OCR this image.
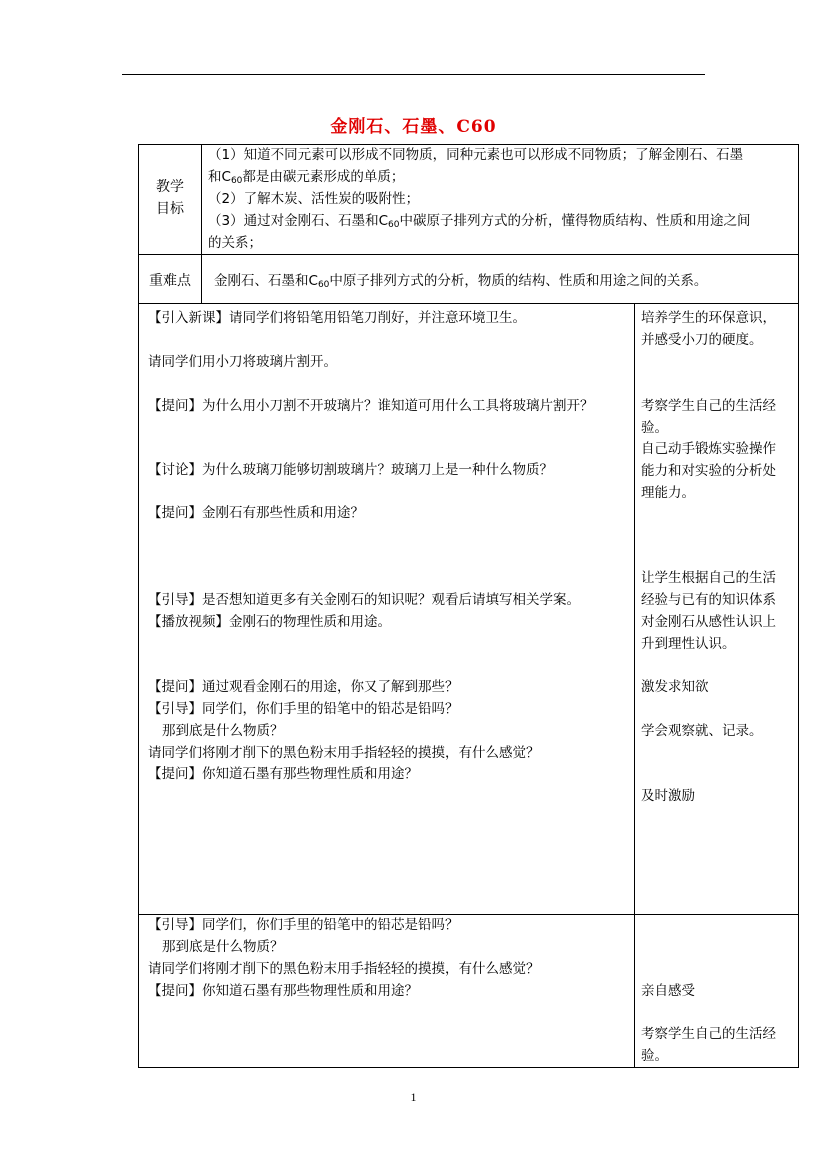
金刚石、石墨、C60
教学
目标
（1）知道不同元素可以形成不同物质，同种元素也可以形成不同物质；了解金刚石、石墨
和$C_{60}$都是由碳元素形成的单质；
（2）了解木炭、活性炭的吸附性；
（3）通过对金刚石、石墨和$C_{60}$中碳原子排列方式的分析，懂得物质结构、性质和用途之间
的关系；
重难点	金刚石、石墨和$C_{60}$中原子排列方式的分析，物质的结构、性质和用途之间的关系。
【引入新课】请同学们将铅笔用铅笔刀削好，并注意环境卫生。
请同学们用小刀将玻璃片割开。
【提问】为什么用小刀割不开玻璃片？谁知道可用什么工具将玻璃片割开？
【讨论】为什么玻璃刀能够切割玻璃片？玻璃刀上是一种什么物质？
【提问】金刚石有那些性质和用途？
【引导】是否想知道更多有关金刚石的知识呢？观看后请填写相关学案。
【播放视频】金刚石的物理性质和用途。
【提问】通过观看金刚石的用途，你又了解到那些？
【引导】同学们，你们手里的铅笔中的铅芯是铅吗？
那到底是什么物质？
请同学们将刚才削下的黑色粉末用手指轻轻的摸摸，有什么感觉？
【提问】你知道石墨有那些物理性质和用途？
培养学生的环保意识，
并感受小刀的硬度。
考察学生自己的生活经
验。
自己动手锻炼实验操作
能力和对实验的分析处
理能力。
让学生根据自己的生活
经验与已有的知识体系
对金刚石从感性认识上
升到理性认识。
激发求知欲
学会观察就、记录。
及时激励
【引导】同学们，你们手里的铅笔中的铅芯是铅吗？
那到底是什么物质？
请同学们将刚才削下的黑色粉末用手指轻轻的摸摸，有什么感觉？
【提问】你知道石墨有那些物理性质和用途？	亲自感受
考察学生自己的生活经
验。
1
